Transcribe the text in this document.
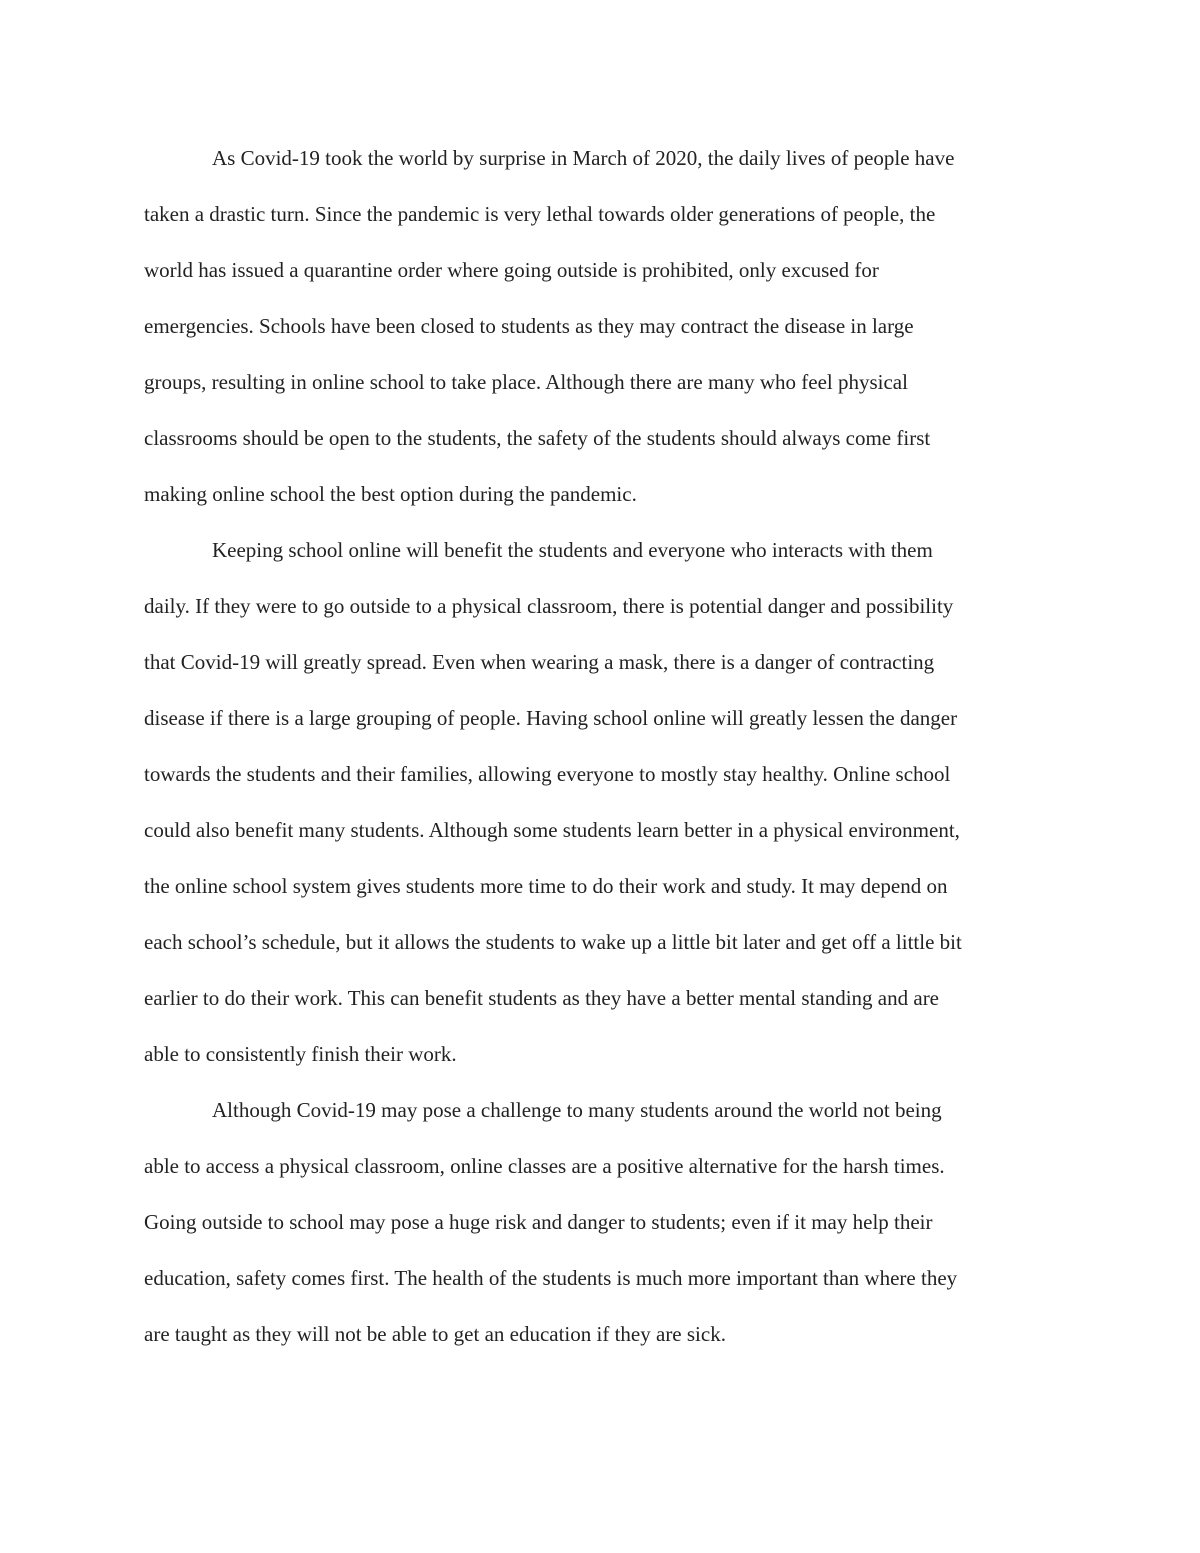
As Covid-19 took the world by surprise in March of 2020, the daily lives of people have

taken a drastic turn. Since the pandemic is very lethal towards older generations of people, the

world has issued a quarantine order where going outside is prohibited, only excused for

emergencies. Schools have been closed to students as they may contract the disease in large

groups, resulting in online school to take place. Although there are many who feel physical

classrooms should be open to the students, the safety of the students should always come first

making online school the best option during the pandemic.

Keeping school online will benefit the students and everyone who interacts with them

daily. If they were to go outside to a physical classroom, there is potential danger and possibility

that Covid-19 will greatly spread. Even when wearing a mask, there is a danger of contracting

disease if there is a large grouping of people. Having school online will greatly lessen the danger

towards the students and their families, allowing everyone to mostly stay healthy. Online school

could also benefit many students. Although some students learn better in a physical environment,

the online school system gives students more time to do their work and study. It may depend on

each school’s schedule, but it allows the students to wake up a little bit later and get off a little bit

earlier to do their work. This can benefit students as they have a better mental standing and are

able to consistently finish their work.

Although Covid-19 may pose a challenge to many students around the world not being

able to access a physical classroom, online classes are a positive alternative for the harsh times.

Going outside to school may pose a huge risk and danger to students; even if it may help their

education, safety comes first. The health of the students is much more important than where they

are taught as they will not be able to get an education if they are sick.
